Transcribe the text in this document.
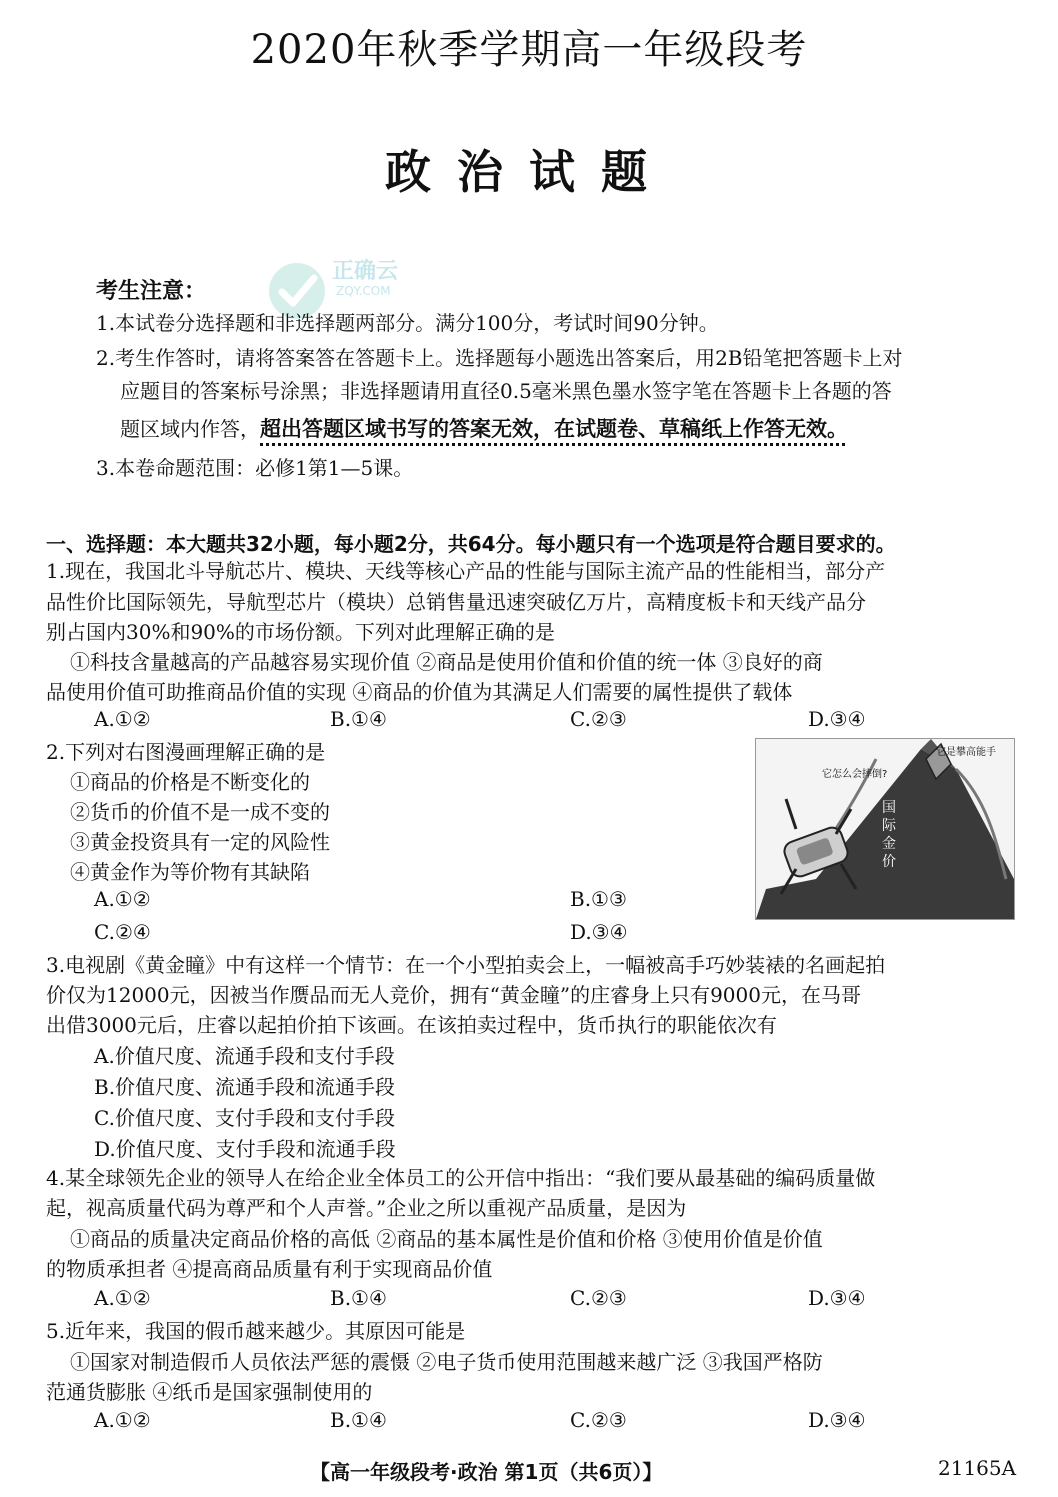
2020年秋季学期高一年级段考
政治试题
正确云
ZQY.COM
考生注意：
1.本试卷分选择题和非选择题两部分。满分100分，考试时间90分钟。
2.考生作答时，请将答案答在答题卡上。选择题每小题选出答案后，用2B铅笔把答题卡上对
应题目的答案标号涂黑；非选择题请用直径0.5毫米黑色墨水签字笔在答题卡上各题的答
题区域内作答，超出答题区域书写的答案无效，在试题卷、草稿纸上作答无效。
3.本卷命题范围：必修1第1—5课。
一、选择题：本大题共32小题，每小题2分，共64分。每小题只有一个选项是符合题目要求的。
1.现在，我国北斗导航芯片、模块、天线等核心产品的性能与国际主流产品的性能相当，部分产
品性价比国际领先，导航型芯片（模块）总销售量迅速突破亿万片，高精度板卡和天线产品分
别占国内30%和90%的市场份额。下列对此理解正确的是
①科技含量越高的产品越容易实现价值 ②商品是使用价值和价值的统一体 ③良好的商
品使用价值可助推商品价值的实现 ④商品的价值为其满足人们需要的属性提供了载体
A.①②	B.①④	C.②③	D.③④
2.下列对右图漫画理解正确的是
①商品的价格是不断变化的
②货币的价值不是一成不变的
③黄金投资具有一定的风险性
④黄金作为等价物有其缺陷
A.①②	B.①③
C.②④	D.③④
它怎么会摔倒?
它是攀高能手
国际金价
3.电视剧《黄金瞳》中有这样一个情节：在一个小型拍卖会上，一幅被高手巧妙装裱的名画起拍
价仅为12000元，因被当作赝品而无人竞价，拥有“黄金瞳”的庄睿身上只有9000元，在马哥
出借3000元后，庄睿以起拍价拍下该画。在该拍卖过程中，货币执行的职能依次有
A.价值尺度、流通手段和支付手段
B.价值尺度、流通手段和流通手段
C.价值尺度、支付手段和支付手段
D.价值尺度、支付手段和流通手段
4.某全球领先企业的领导人在给企业全体员工的公开信中指出：“我们要从最基础的编码质量做
起，视高质量代码为尊严和个人声誉。”企业之所以重视产品质量，是因为
①商品的质量决定商品价格的高低 ②商品的基本属性是价值和价格 ③使用价值是价值
的物质承担者 ④提高商品质量有利于实现商品价值
A.①②	B.①④	C.②③	D.③④
5.近年来，我国的假币越来越少。其原因可能是
①国家对制造假币人员依法严惩的震慑 ②电子货币使用范围越来越广泛 ③我国严格防
范通货膨胀 ④纸币是国家强制使用的
A.①②	B.①④	C.②③	D.③④
【高一年级段考·政治 第1页（共6页）】	21165A
